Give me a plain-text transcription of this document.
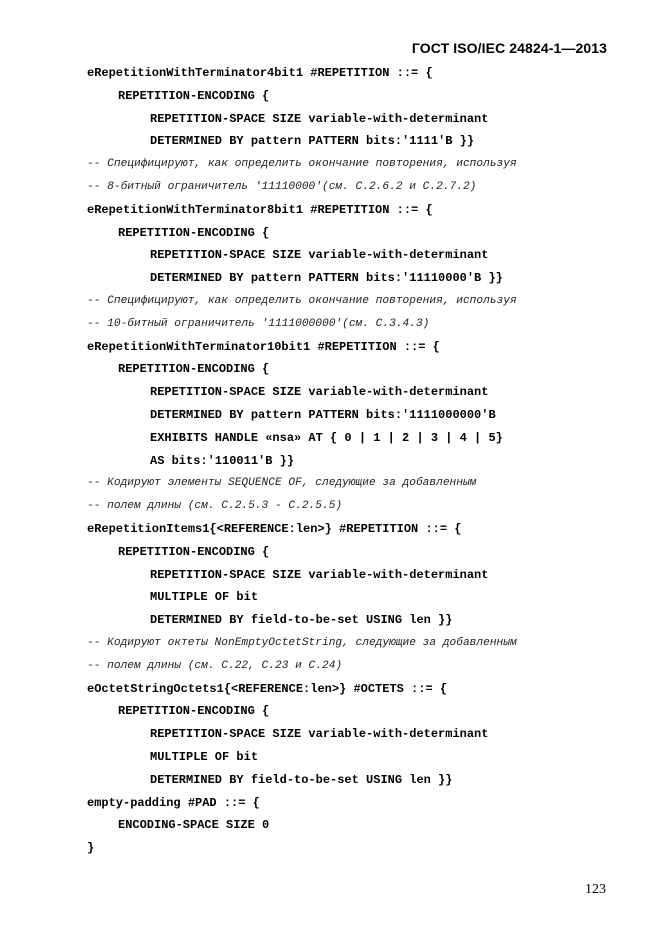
ГОСТ ISO/IEC 24824-1—2013
eRepetitionWithTerminator4bit1 #REPETITION ::= {
REPETITION-ENCODING {
REPETITION-SPACE SIZE variable-with-determinant
DETERMINED BY pattern PATTERN bits:'1111'B }}
-- Специфицируют, как определить окончание повторения, используя
-- 8-битный ограничитель '11110000'(см. С.2.6.2 и С.2.7.2)
eRepetitionWithTerminator8bit1 #REPETITION ::= {
REPETITION-ENCODING {
REPETITION-SPACE SIZE variable-with-determinant
DETERMINED BY pattern PATTERN bits:'11110000'B }}
-- Специфицируют, как определить окончание повторения, используя
-- 10-битный ограничитель '1111000000'(см. С.3.4.3)
eRepetitionWithTerminator10bit1 #REPETITION ::= {
REPETITION-ENCODING {
REPETITION-SPACE SIZE variable-with-determinant
DETERMINED BY pattern PATTERN bits:'1111000000'B
EXHIBITS HANDLE «nsa» AT { 0 | 1 | 2 | 3 | 4 | 5}
AS bits:'110011'B }}
-- Кодируют элементы SEQUENCE OF, следующие за добавленным
-- полем длины (см. С.2.5.3 - С.2.5.5)
eRepetitionItems1{<REFERENCE:len>} #REPETITION ::= {
REPETITION-ENCODING {
REPETITION-SPACE SIZE variable-with-determinant
MULTIPLE OF bit
DETERMINED BY field-to-be-set USING len }}
-- Кодируют октеты NonEmptyOctetString, следующие за добавленным
-- полем длины (см. С.22, С.23 и С.24)
eOctetStringOctets1{<REFERENCE:len>} #OCTETS ::= {
REPETITION-ENCODING {
REPETITION-SPACE SIZE variable-with-determinant
MULTIPLE OF bit
DETERMINED BY field-to-be-set USING len }}
empty-padding #PAD ::= {
ENCODING-SPACE SIZE 0
}
123
